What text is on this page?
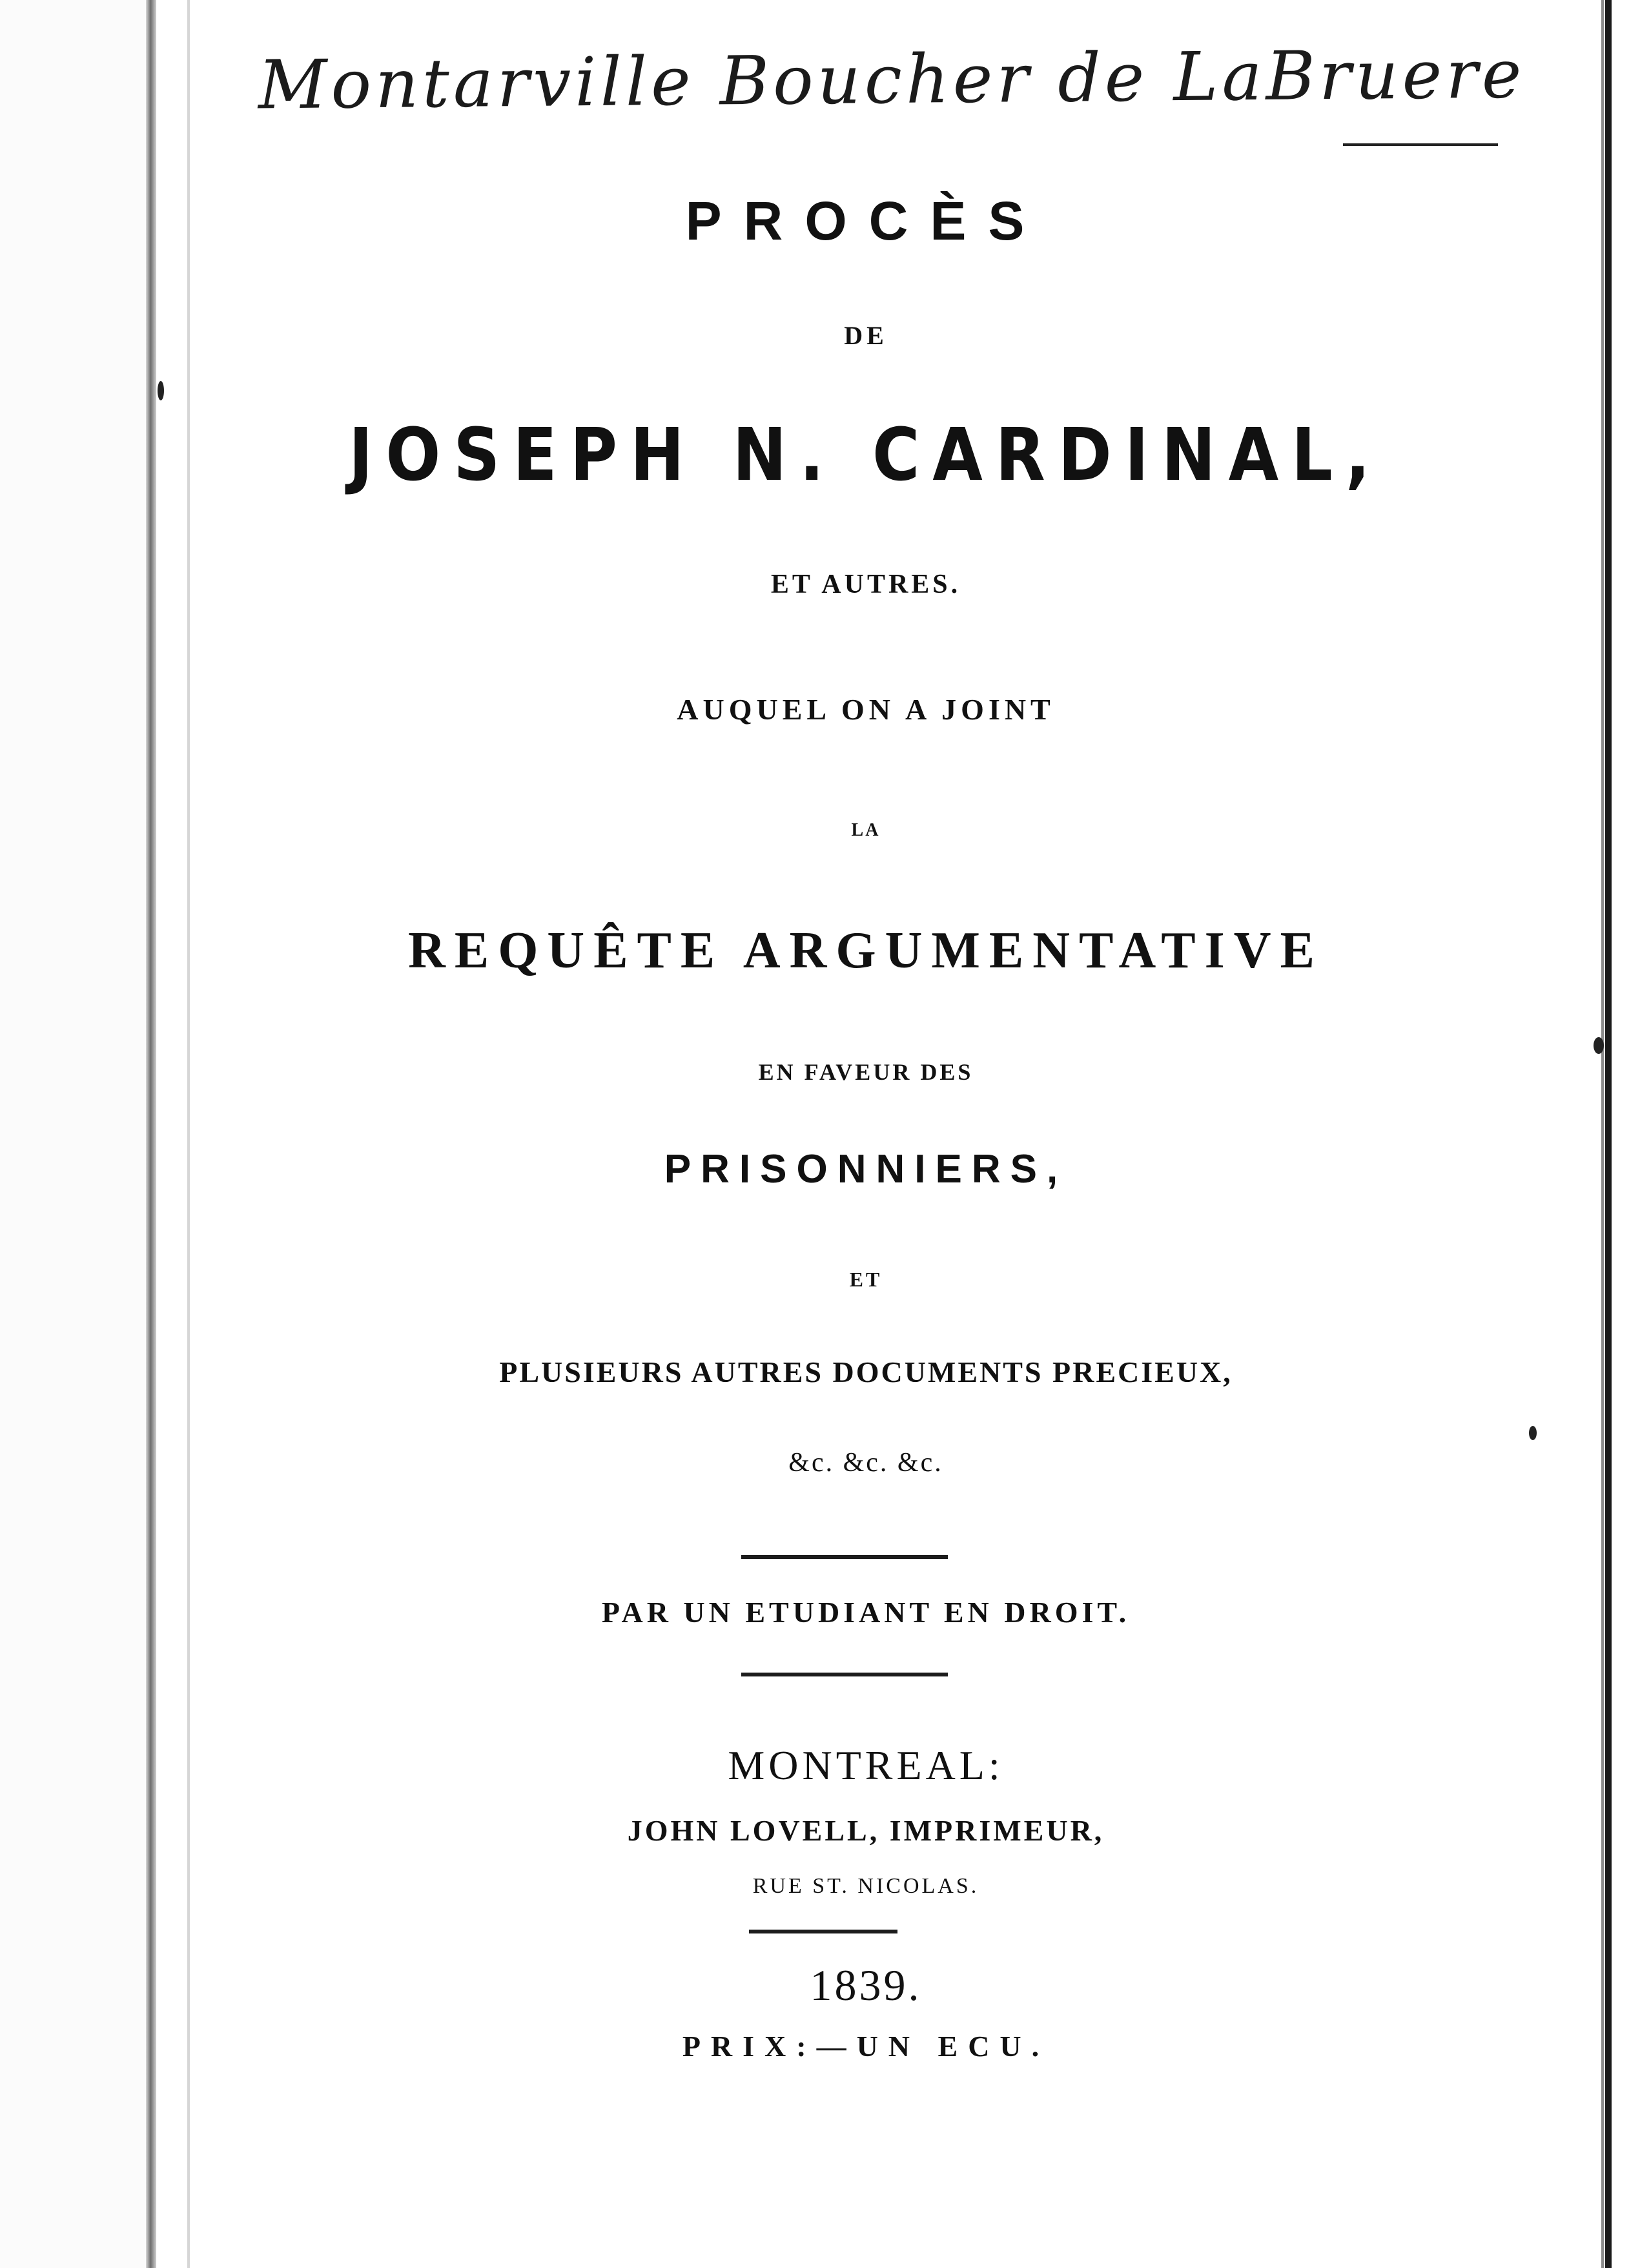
Montarville Boucher de LaBruere
PROCÈS
DE
JOSEPH N. CARDINAL,
ET AUTRES.
AUQUEL ON A JOINT
LA
REQUÊTE ARGUMENTATIVE
EN FAVEUR DES
PRISONNIERS,
ET
PLUSIEURS AUTRES DOCUMENTS PRECIEUX,
&c. &c. &c.
PAR UN ETUDIANT EN DROIT.
MONTREAL:
JOHN LOVELL, IMPRIMEUR,
RUE ST. NICOLAS.
1839.
PRIX:—UN ECU.
